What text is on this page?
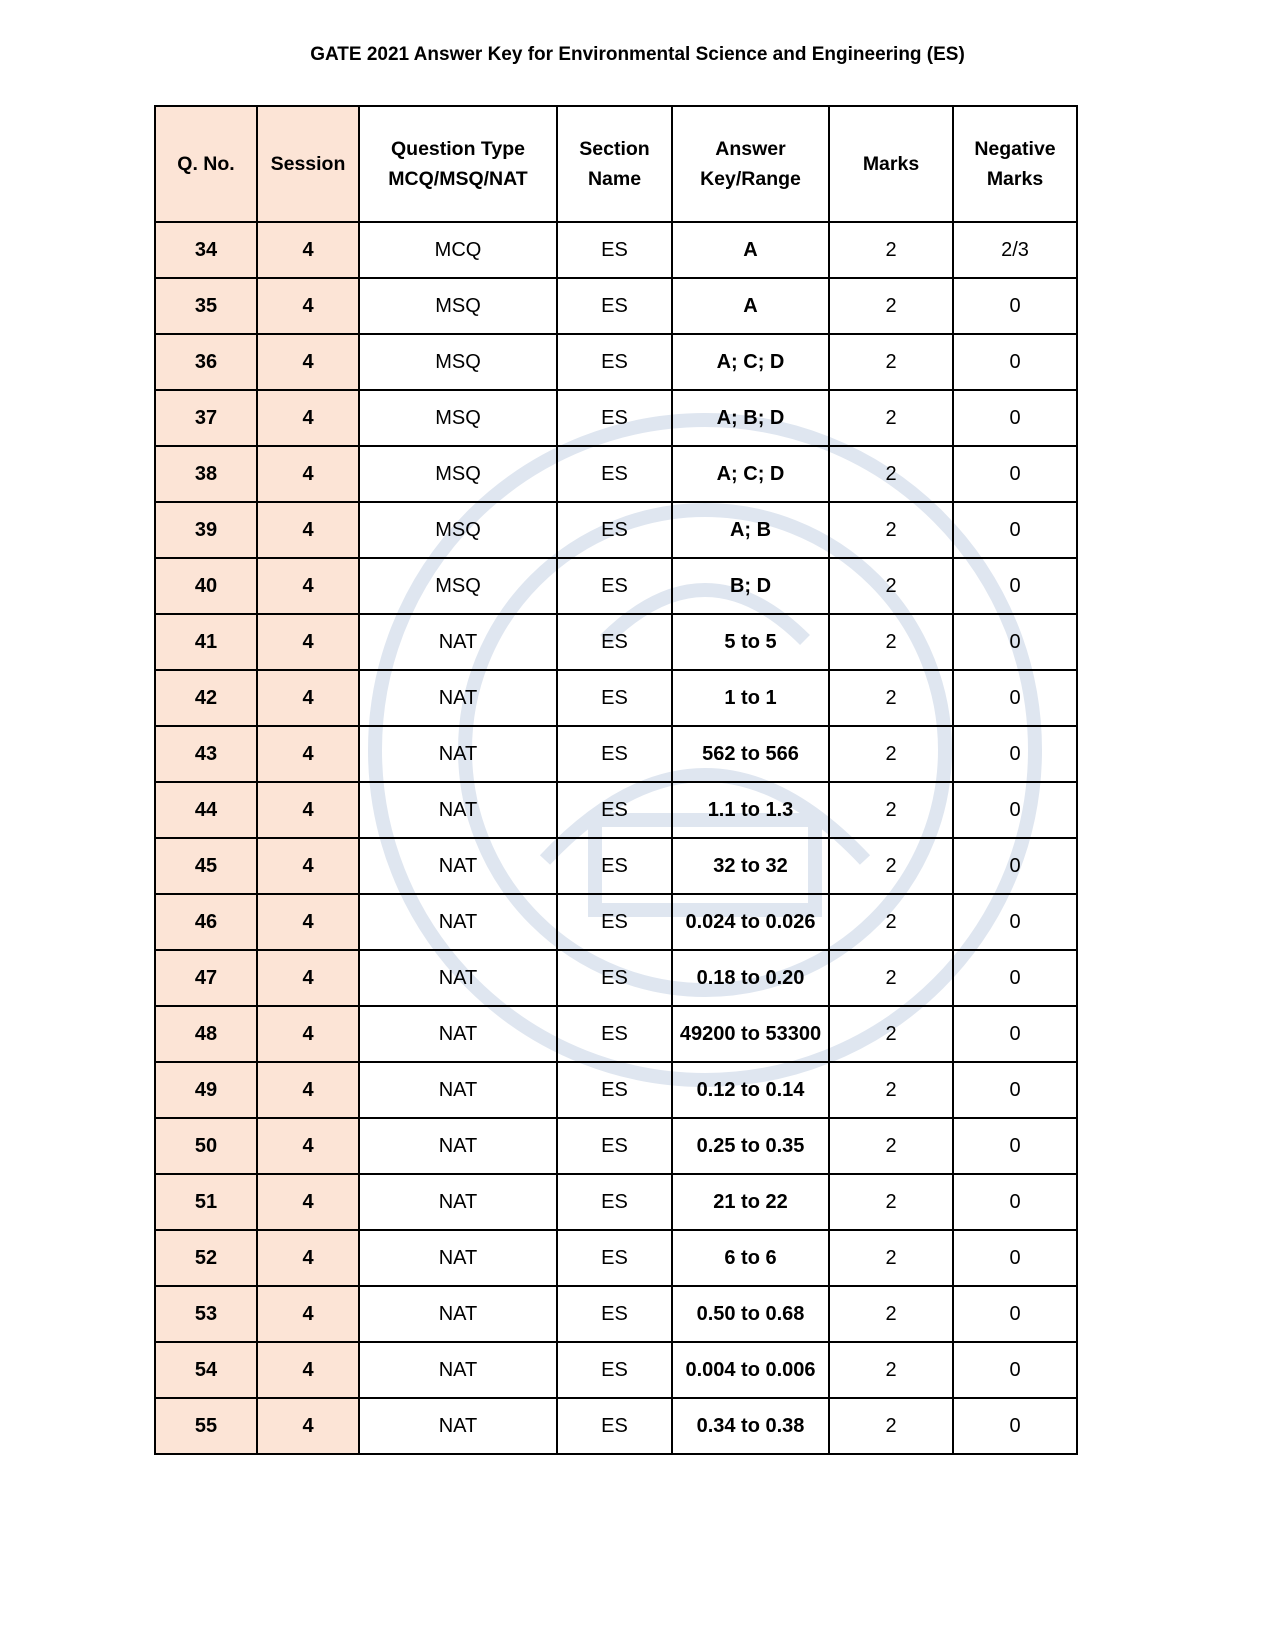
GATE 2021 Answer Key for Environmental Science and Engineering (ES)
Q. No.	Session	Question Type MCQ/MSQ/NAT	Section Name	Answer Key/Range	Marks	Negative Marks
34	4	MCQ	ES	A	2	2/3
35	4	MSQ	ES	A	2	0
36	4	MSQ	ES	A; C; D	2	0
37	4	MSQ	ES	A; B; D	2	0
38	4	MSQ	ES	A; C; D	2	0
39	4	MSQ	ES	A; B	2	0
40	4	MSQ	ES	B; D	2	0
41	4	NAT	ES	5 to 5	2	0
42	4	NAT	ES	1 to 1	2	0
43	4	NAT	ES	562 to 566	2	0
44	4	NAT	ES	1.1 to 1.3	2	0
45	4	NAT	ES	32 to 32	2	0
46	4	NAT	ES	0.024 to 0.026	2	0
47	4	NAT	ES	0.18 to 0.20	2	0
48	4	NAT	ES	49200 to 53300	2	0
49	4	NAT	ES	0.12 to 0.14	2	0
50	4	NAT	ES	0.25 to 0.35	2	0
51	4	NAT	ES	21 to 22	2	0
52	4	NAT	ES	6 to 6	2	0
53	4	NAT	ES	0.50 to 0.68	2	0
54	4	NAT	ES	0.004 to 0.006	2	0
55	4	NAT	ES	0.34 to 0.38	2	0
